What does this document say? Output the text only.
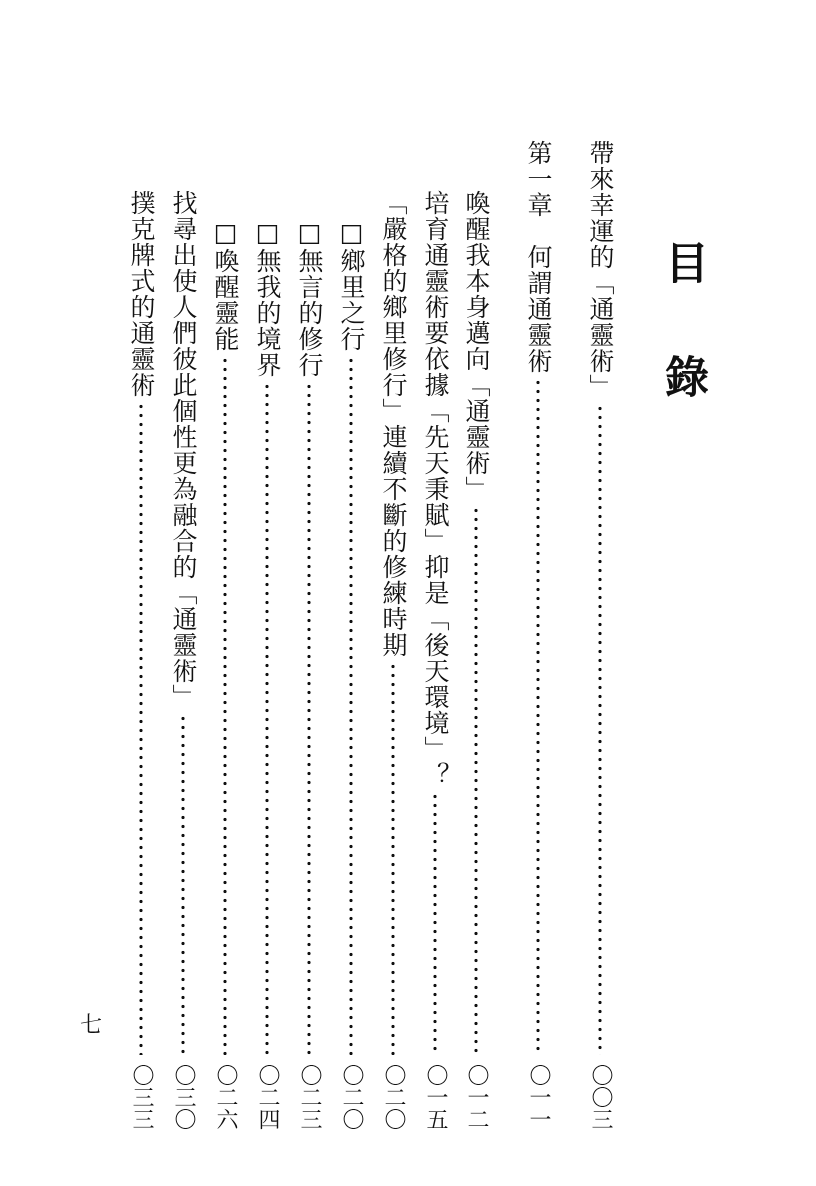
目錄
帶來幸運的「通靈術」
〇〇三
第一章　何謂通靈術
〇一一
喚醒我本身邁向「通靈術」
〇一二
培育通靈術要依據「先天秉賦」抑是「後天環境」？
〇一五
「嚴格的鄉里修行」連續不斷的修練時期
〇二〇
□鄉里之行
〇二〇
□無言的修行
〇二三
□無我的境界
〇二四
□喚醒靈能
〇二六
找尋出使人們彼此個性更為融合的「通靈術」
〇三〇
撲克牌式的通靈術
〇三三
七
